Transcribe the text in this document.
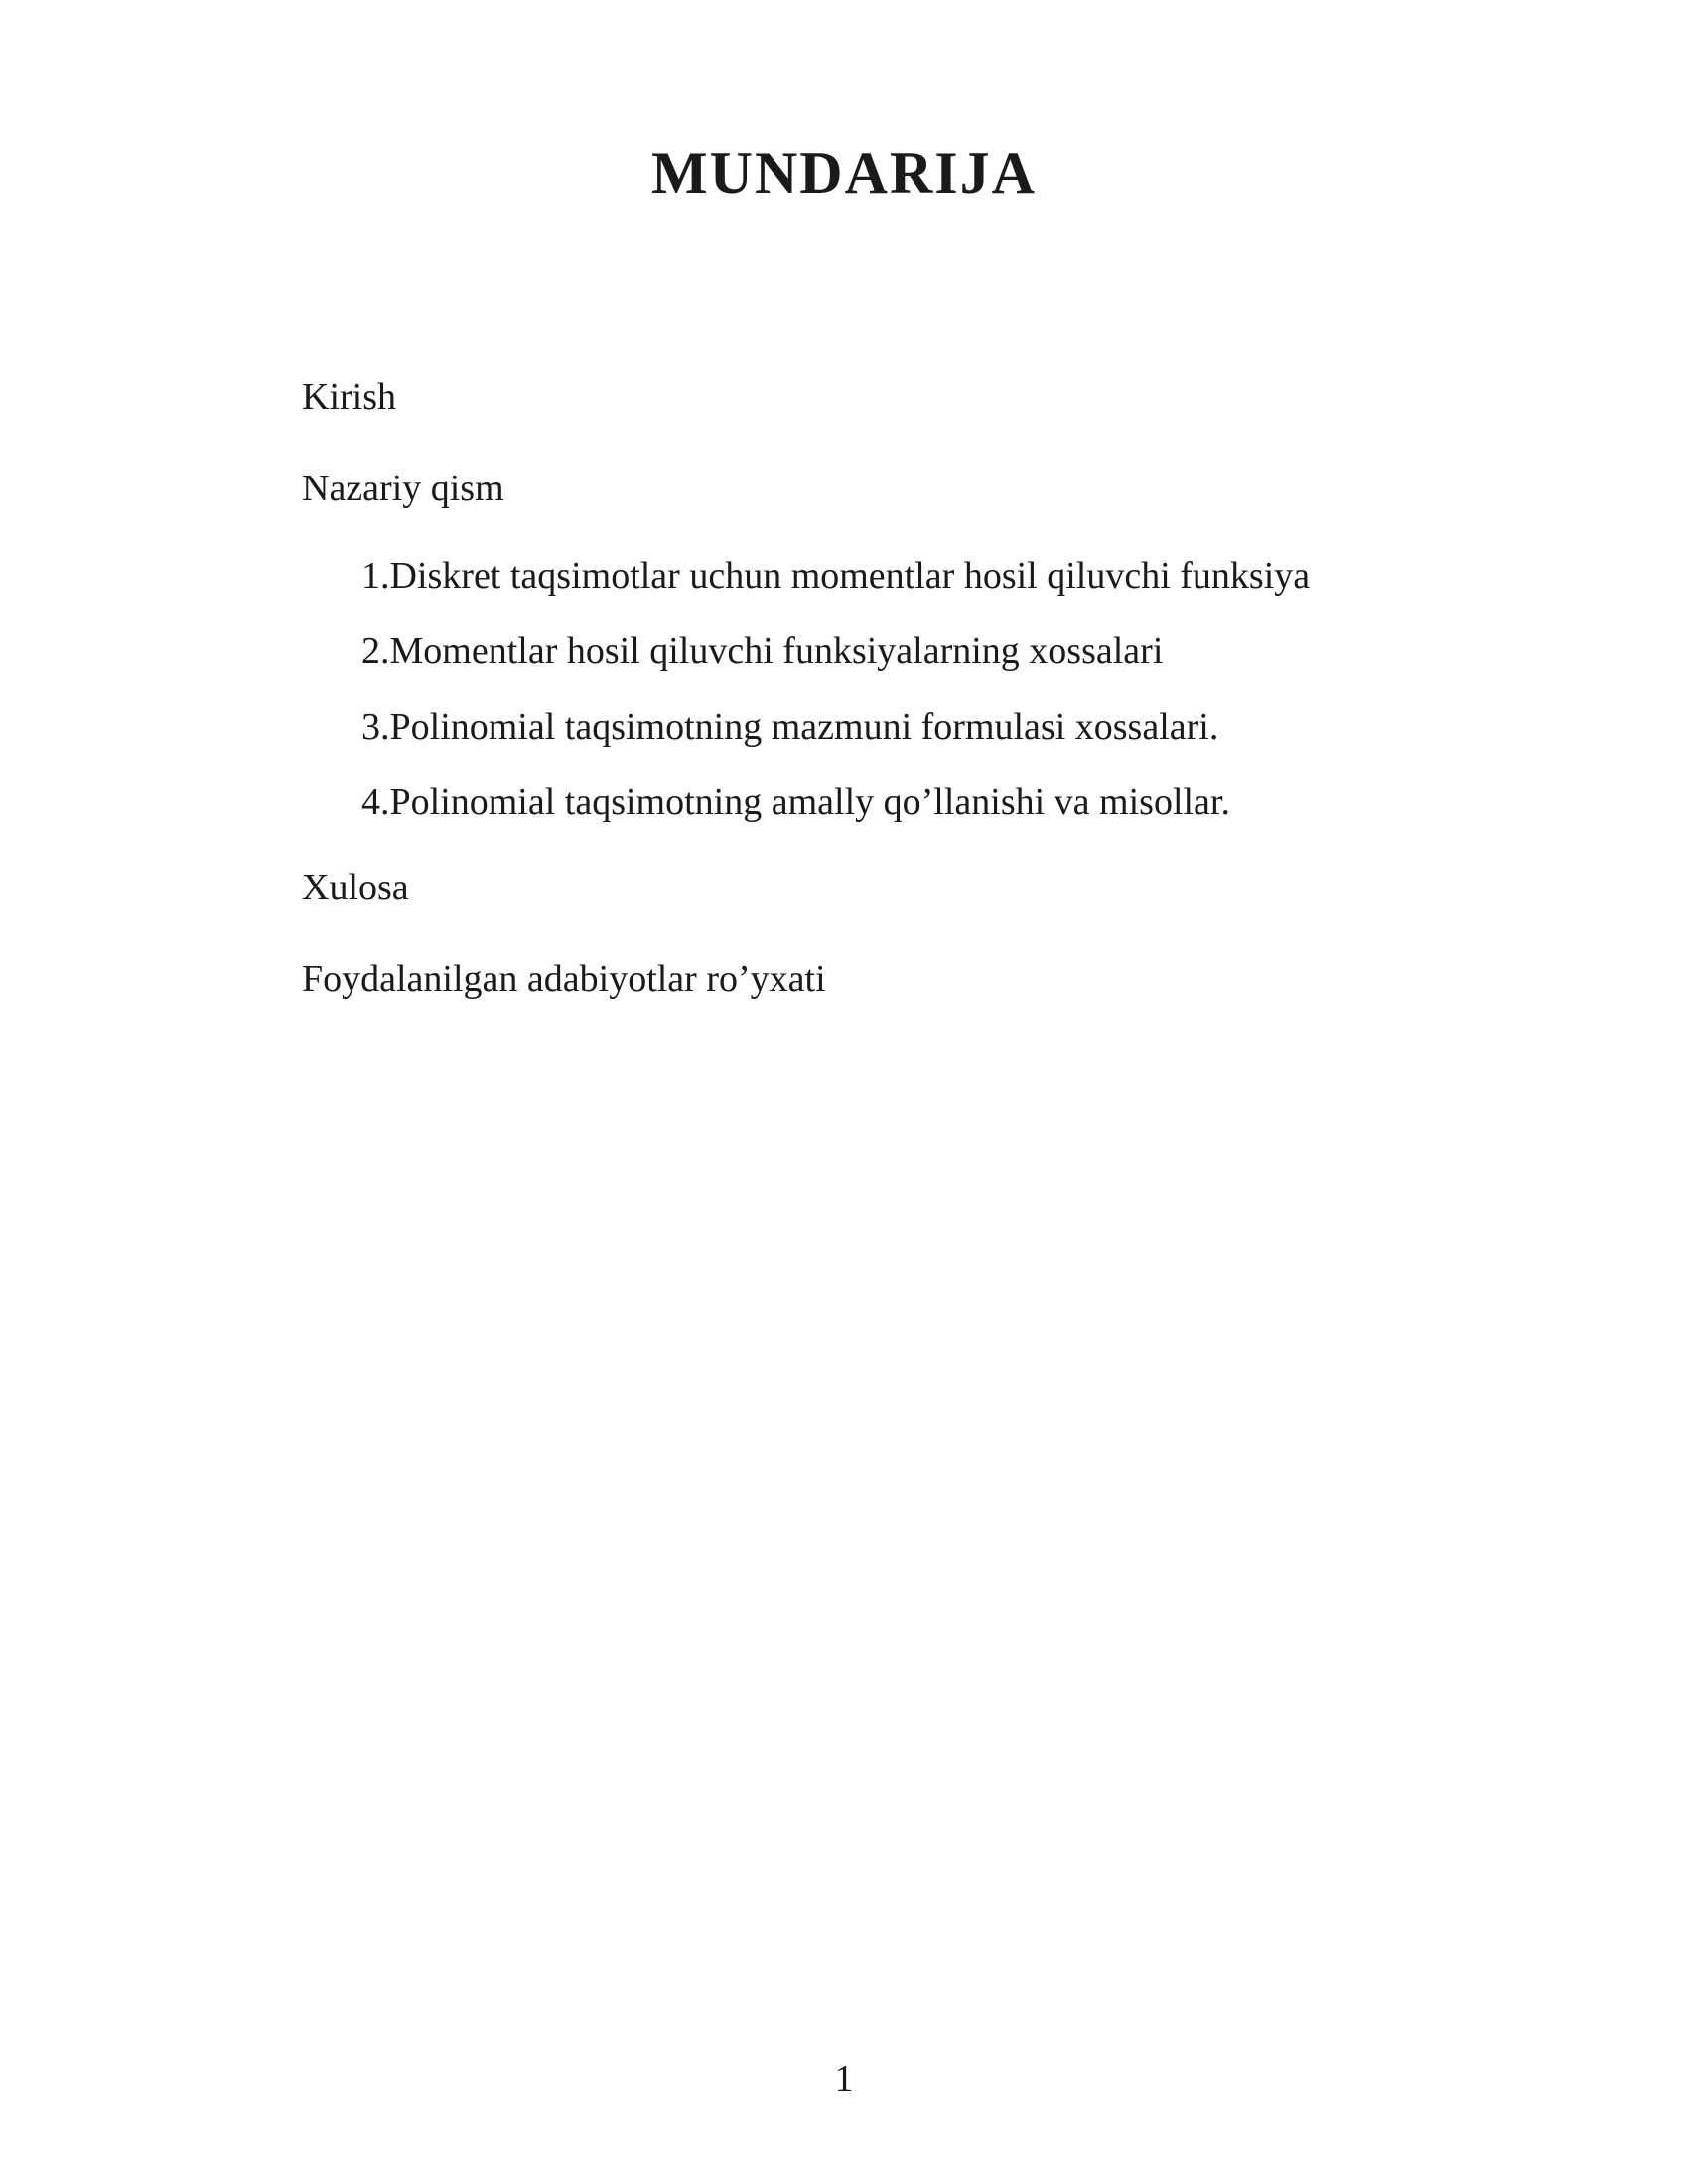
MUNDARIJA
Kirish
Nazariy qism
1.Diskret taqsimotlar uchun momentlar hosil qiluvchi funksiya
2.Momentlar hosil qiluvchi funksiyalarning xossalari
3.Polinomial taqsimotning mazmuni formulasi xossalari.
4.Polinomial taqsimotning amally qo’llanishi va misollar.
Xulosa
Foydalanilgan adabiyotlar ro’yxati
1
